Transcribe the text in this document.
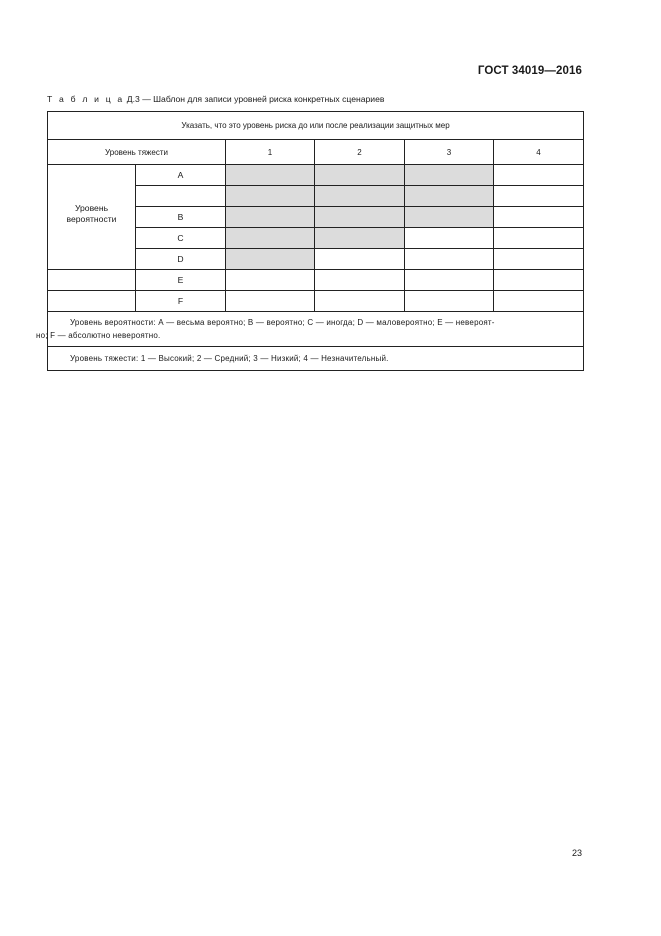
ГОСТ 34019—2016
Т а б л и ц а Д.3 — Шаблон для записи уровней риска конкретных сценариев
Указать, что это уровень риска до или после реализации защитных мер					
Уровень тяжести		1	2	3	4
Уровень
вероятности	A				

	B				
	C				
	D				
	E				
	F				
Уровень вероятности: А — весьма вероятно; В — вероятно; С — иногда; D — маловероятно; Е — невероят-
но; F — абсолютно невероятно.					
Уровень тяжести: 1 — Высокий; 2 — Средний; 3 — Низкий; 4 — Незначительный.					
23
